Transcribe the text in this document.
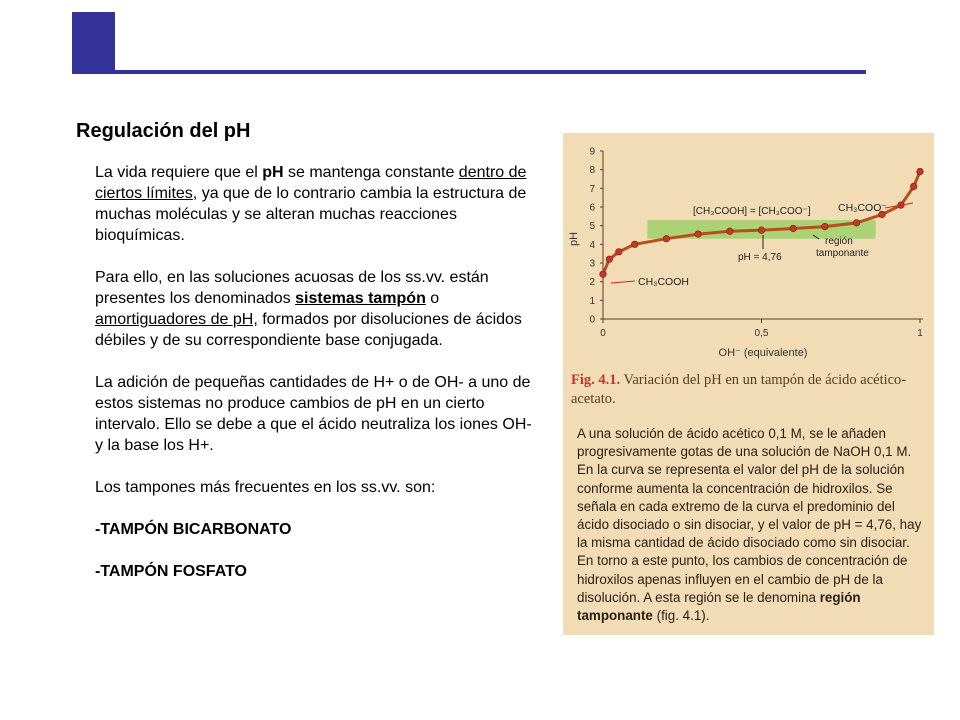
Regulación del pH

La vida requiere que el pH se mantenga constante dentro de ciertos límites, ya que de lo contrario cambia la estructura de muchas moléculas y se alteran muchas reacciones bioquímicas.

Para ello, en las soluciones acuosas de los ss.vv. están presentes los denominados sistemas tampón o amortiguadores de pH, formados por disoluciones de ácidos débiles y de su correspondiente base conjugada.

La adición de pequeñas cantidades de H+ o de OH- a uno de estos sistemas no produce cambios de pH en un cierto intervalo. Ello se debe a que el ácido neutraliza los iones OH- y la base los H+.

Los tampones más frecuentes en los ss.vv. son:

-TAMPÓN BICARBONATO

-TAMPÓN FOSFATO

0
1
2
3
4
5
6
7
8
9
0	0,5	1
pH
OH⁻ (equivalente)
CH₃COO⁻
[CH₃COOH] = [CH₃COO⁻]
pH = 4,76
región tamponante
CH₃COOH
Fig. 4.1. Variación del pH en un tampón de ácido acético-acetato.
A una solución de ácido acético 0,1 M, se le añaden progresivamente gotas de una solución de NaOH 0,1 M. En la curva se representa el valor del pH de la solución conforme aumenta la concentración de hidroxilos. Se señala en cada extremo de la curva el predominio del ácido disociado o sin disociar, y el valor de pH = 4,76, hay la misma cantidad de ácido disociado como sin disociar. En torno a este punto, los cambios de concentración de hidroxilos apenas influyen en el cambio de pH de la disolución. A esta región se le denomina región tamponante (fig. 4.1).
